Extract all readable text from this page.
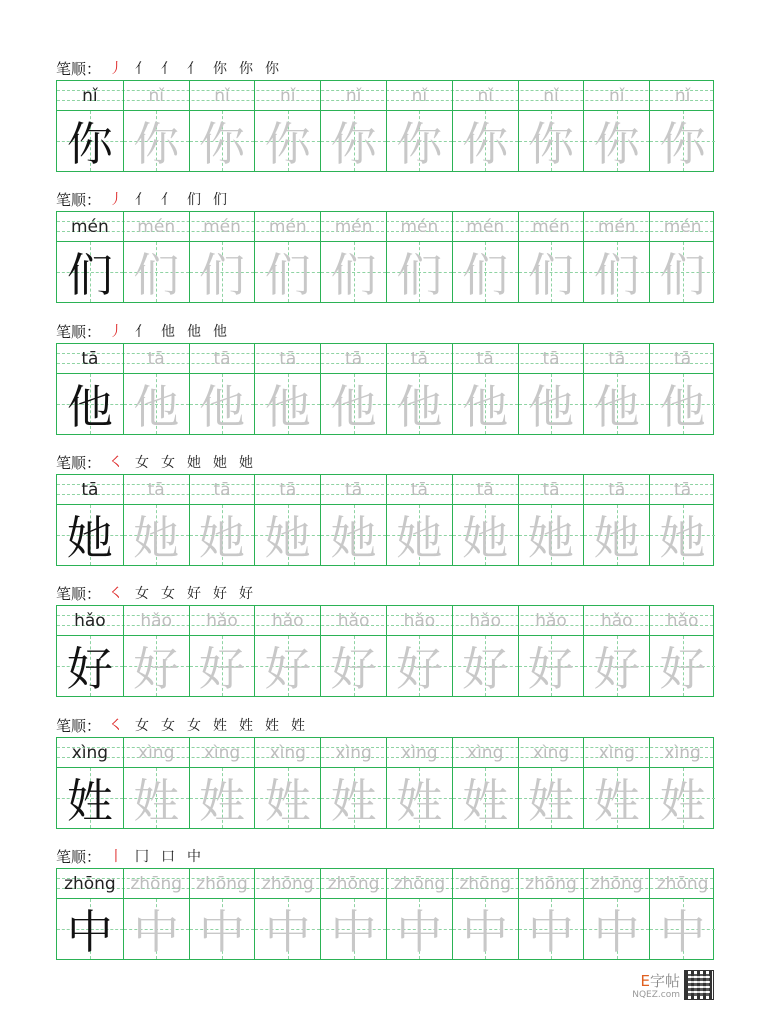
笔顺： 丿 亻 亻 亻 你 你 你
nǐ
你
nǐ
你
nǐ
你
nǐ
你
nǐ
你
nǐ
你
nǐ
你
nǐ
你
nǐ
你
nǐ
你
笔顺： 丿 亻 亻 们 们
mén
们
mén
们
mén
们
mén
们
mén
们
mén
们
mén
们
mén
们
mén
们
mén
们
笔顺： 丿 亻 他 他 他
tā
他
tā
他
tā
他
tā
他
tā
他
tā
他
tā
他
tā
他
tā
他
tā
他
笔顺： ㇛ 女 女 她 她 她
tā
她
tā
她
tā
她
tā
她
tā
她
tā
她
tā
她
tā
她
tā
她
tā
她
笔顺： ㇛ 女 女 好 好 好
hǎo
好
hǎo
好
hǎo
好
hǎo
好
hǎo
好
hǎo
好
hǎo
好
hǎo
好
hǎo
好
hǎo
好
笔顺： ㇛ 女 女 女 姓 姓 姓 姓
xìng
姓
xìng
姓
xìng
姓
xìng
姓
xìng
姓
xìng
姓
xìng
姓
xìng
姓
xìng
姓
xìng
姓
笔顺： 丨 冂 口 中
zhōng
中
zhōng
中
zhōng
中
zhōng
中
zhōng
中
zhōng
中
zhōng
中
zhōng
中
zhōng
中
zhōng
中
E字帖
NQEZ.com
